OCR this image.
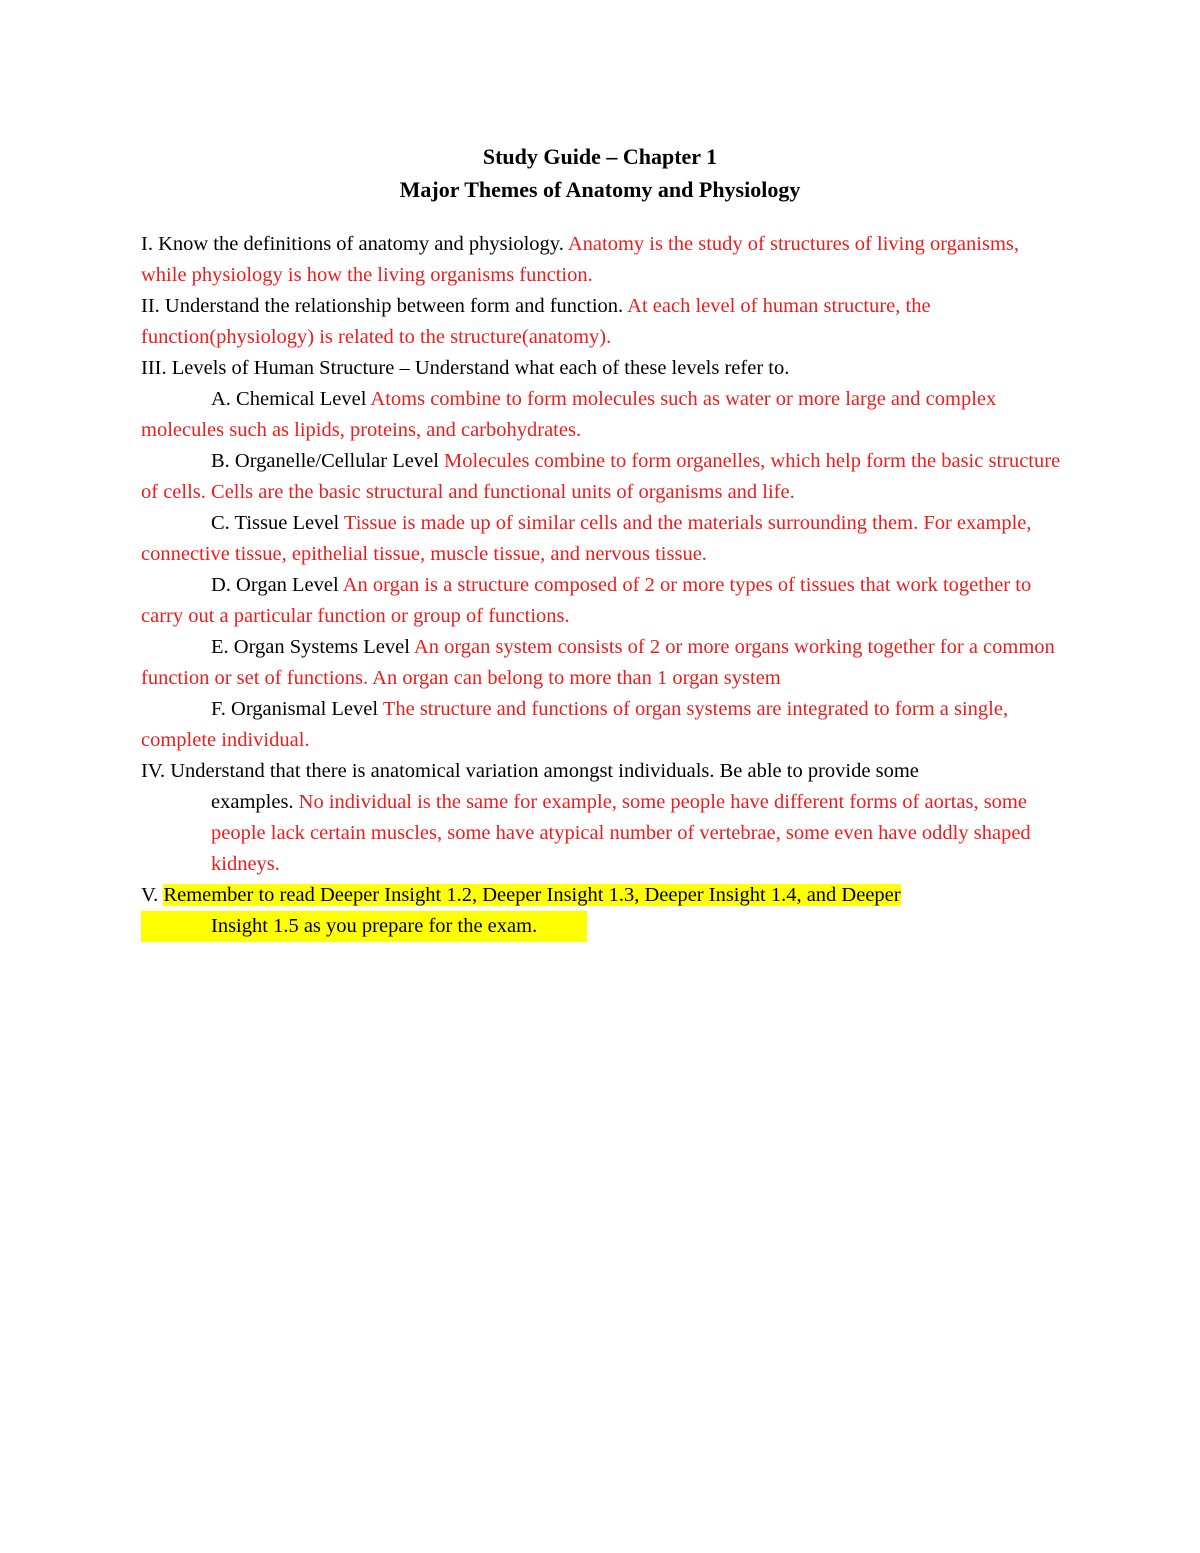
Study Guide – Chapter 1
Major Themes of Anatomy and Physiology

I. Know the definitions of anatomy and physiology. Anatomy is the study of structures of living organisms, while physiology is how the living organisms function.

II. Understand the relationship between form and function. At each level of human structure, the function(physiology) is related to the structure(anatomy).

III. Levels of Human Structure – Understand what each of these levels refer to.

A. Chemical Level Atoms combine to form molecules such as water or more large and complex molecules such as lipids, proteins, and carbohydrates.

B. Organelle/Cellular Level Molecules combine to form organelles, which help form the basic structure of cells. Cells are the basic structural and functional units of organisms and life.

C. Tissue Level Tissue is made up of similar cells and the materials surrounding them. For example, connective tissue, epithelial tissue, muscle tissue, and nervous tissue.

D. Organ Level An organ is a structure composed of 2 or more types of tissues that work together to carry out a particular function or group of functions.

E. Organ Systems Level An organ system consists of 2 or more organs working together for a common function or set of functions. An organ can belong to more than 1 organ system

F. Organismal Level The structure and functions of organ systems are integrated to form a single, complete individual.

IV. Understand that there is anatomical variation amongst individuals. Be able to provide some
examples. No individual is the same for example, some people have different forms of aortas, some people lack certain muscles, some have atypical number of vertebrae, some even have oddly shaped kidneys.
V. Remember to read Deeper Insight 1.2, Deeper Insight 1.3, Deeper Insight 1.4, and Deeper
Insight 1.5 as you prepare for the exam.
